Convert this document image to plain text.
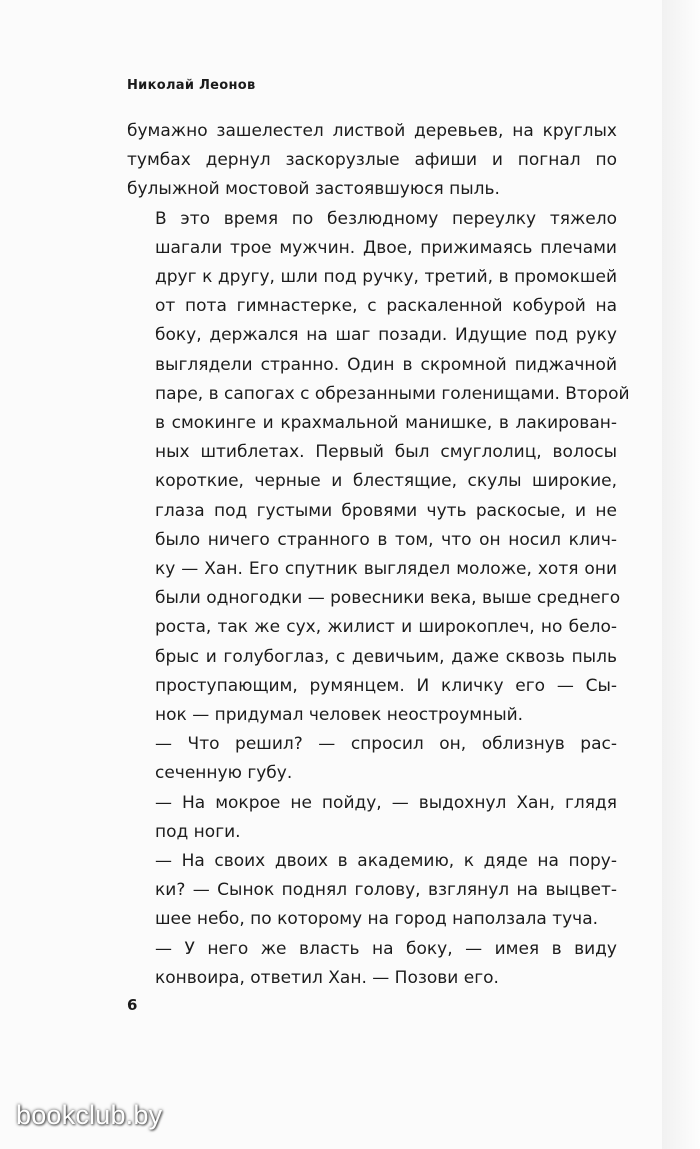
Николай Леонов
бумажно зашелестел листвой деревьев, на круглых
тумбах дернул заскорузлые афиши и погнал по
булыжной мостовой застоявшуюся пыль.
В это время по безлюдному переулку тяжело
шагали трое мужчин. Двое, прижимаясь плечами
друг к другу, шли под ручку, третий, в промокшей
от пота гимнастерке, с раскаленной кобурой на
боку, держался на шаг позади. Идущие под руку
выглядели странно. Один в скромной пиджачной
паре, в сапогах с обрезанными голенищами. Второй
в смокинге и крахмальной манишке, в лакирован-
ных штиблетах. Первый был смуглолиц, волосы
короткие, черные и блестящие, скулы широкие,
глаза под густыми бровями чуть раскосые, и не
было ничего странного в том, что он носил клич-
ку — Хан. Его спутник выглядел моложе, хотя они
были одногодки — ровесники века, выше среднего
роста, так же сух, жилист и широкоплеч, но бело-
брыс и голубоглаз, с девичьим, даже сквозь пыль
проступающим, румянцем. И кличку его — Сы-
нок — придумал человек неостроумный.
— Что решил? — спросил он, облизнув рас-
сеченную губу.
— На мокрое не пойду, — выдохнул Хан, глядя
под ноги.
— На своих двоих в академию, к дяде на пору-
ки? — Сынок поднял голову, взглянул на выцвет-
шее небо, по которому на город наползала туча.
— У него же власть на боку, — имея в виду
конвоира, ответил Хан. — Позови его.
6
bookclub.by
